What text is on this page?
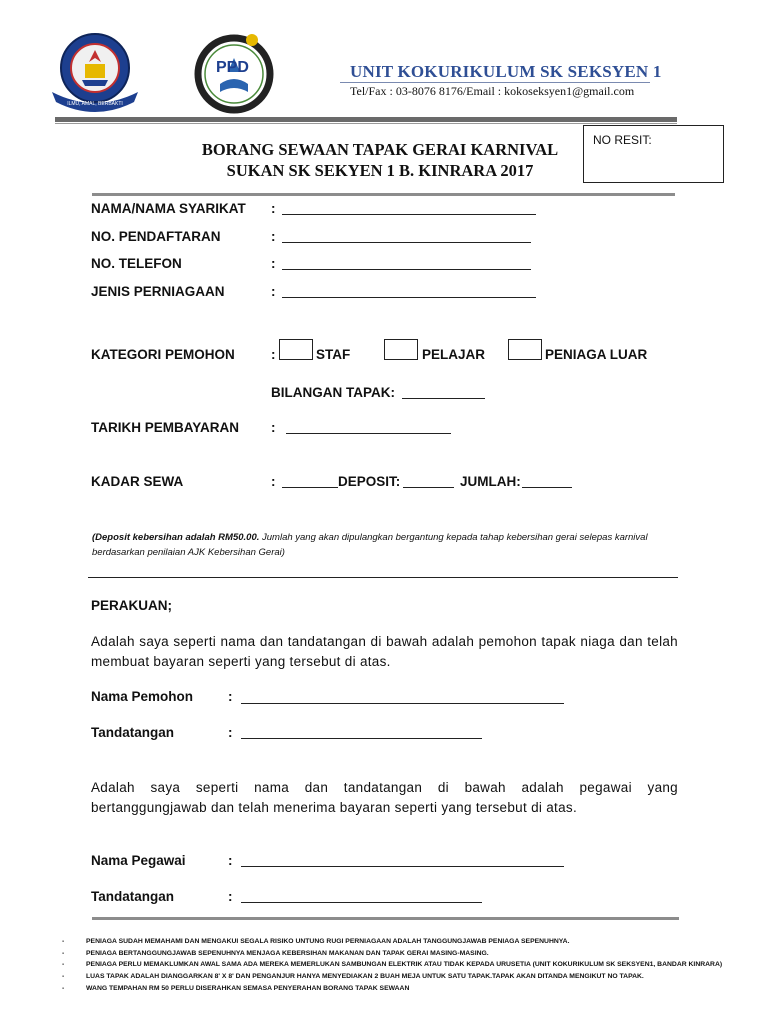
ILMU, AMAL, BERBAKTI
PPD	UNIT KOKURIKULUM SK SEKSYEN 1
Tel/Fax : 03-8076 8176/Email : kokoseksyen1@gmail.com
BORANG SEWAAN TAPAK GERAI KARNIVAL
SUKAN SK SEKYEN 1 B. KINRARA 2017
NO RESIT:
NAMA/NAMA SYARIKAT :
NO. PENDAFTARAN	:
NO. TELEFON	:
JENIS PERNIAGAAN	:
KATEGORI PEMOHON	:	STAF	PELAJAR	PENIAGA LUAR
BILANGAN TAPAK:
TARIKH PEMBAYARAN :
KADAR SEWA	:	DEPOSIT:	JUMLAH:
(Deposit kebersihan adalah RM50.00. Jumlah yang akan dipulangkan bergantung kepada tahap kebersihan gerai selepas karnival berdasarkan penilaian AJK Kebersihan Gerai)
PERAKUAN;
Adalah saya seperti nama dan tandatangan di bawah adalah pemohon tapak niaga dan telah membuat bayaran seperti yang tersebut di atas.
Nama Pemohon	:
Tandatangan	:
Adalah saya seperti nama dan tandatangan di bawah adalah pegawai yang bertanggungjawab dan telah menerima bayaran seperti yang tersebut di atas.
Nama Pegawai	:
Tandatangan	:
-	PENIAGA SUDAH MEMAHAMI DAN MENGAKUI SEGALA RISIKO UNTUNG RUGI PERNIAGAAN ADALAH TANGGUNGJAWAB PENIAGA SEPENUHNYA.
-	PENIAGA BERTANGGUNGJAWAB SEPENUHNYA MENJAGA KEBERSIHAN MAKANAN DAN TAPAK GERAI MASING-MASING.
-	PENIAGA PERLU MEMAKLUMKAN AWAL SAMA ADA MEREKA MEMERLUKAN SAMBUNGAN ELEKTRIK ATAU TIDAK KEPADA URUSETIA (UNIT KOKURIKULUM SK SEKSYEN1, BANDAR KINRARA)
-	LUAS TAPAK ADALAH DIANGGARKAN 8' X 8' DAN PENGANJUR HANYA MENYEDIAKAN 2 BUAH MEJA UNTUK SATU TAPAK.TAPAK AKAN DITANDA MENGIKUT NO TAPAK.
-	WANG TEMPAHAN RM 50 PERLU DISERAHKAN SEMASA PENYERAHAN BORANG TAPAK SEWAAN
